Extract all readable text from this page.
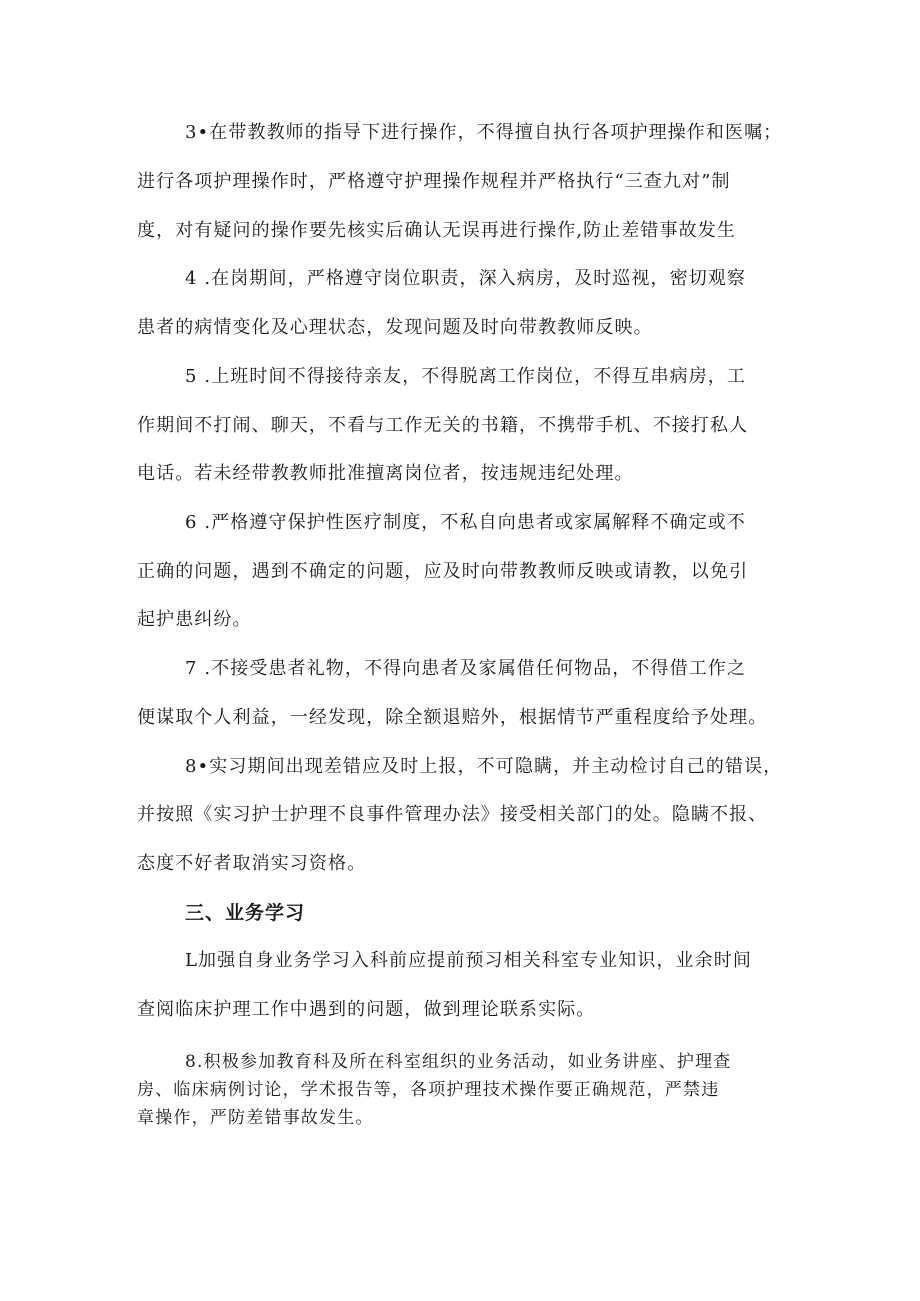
3•在带教教师的指导下进行操作，不得擅自执行各项护理操作和医嘱；
进行各项护理操作时，严格遵守护理操作规程并严格执行“三查九对”制
度，对有疑问的操作要先核实后确认无误再进行操作,防止差错事故发生
4 .在岗期间，严格遵守岗位职责，深入病房，及时巡视，密切观察
患者的病情变化及心理状态，发现问题及时向带教教师反映。
5 .上班时间不得接待亲友，不得脱离工作岗位，不得互串病房，工
作期间不打闹、聊天，不看与工作无关的书籍，不携带手机、不接打私人
电话。若未经带教教师批准擅离岗位者，按违规违纪处理。
6 .严格遵守保护性医疗制度，不私自向患者或家属解释不确定或不
正确的问题，遇到不确定的问题，应及时向带教教师反映或请教，以免引
起护患纠纷。
7 .不接受患者礼物，不得向患者及家属借任何物品，不得借工作之
便谋取个人利益，一经发现，除全额退赔外，根据情节严重程度给予处理。
8•实习期间出现差错应及时上报，不可隐瞒，并主动检讨自己的错误，
并按照《实习护士护理不良事件管理办法》接受相关部门的处。隐瞒不报、
态度不好者取消实习资格。
三、业务学习
L加强自身业务学习入科前应提前预习相关科室专业知识，业余时间
查阅临床护理工作中遇到的问题，做到理论联系实际。
8.积极参加教育科及所在科室组织的业务活动，如业务讲座、护理查
房、临床病例讨论，学术报告等，各项护理技术操作要正确规范，严禁违
章操作，严防差错事故发生。
